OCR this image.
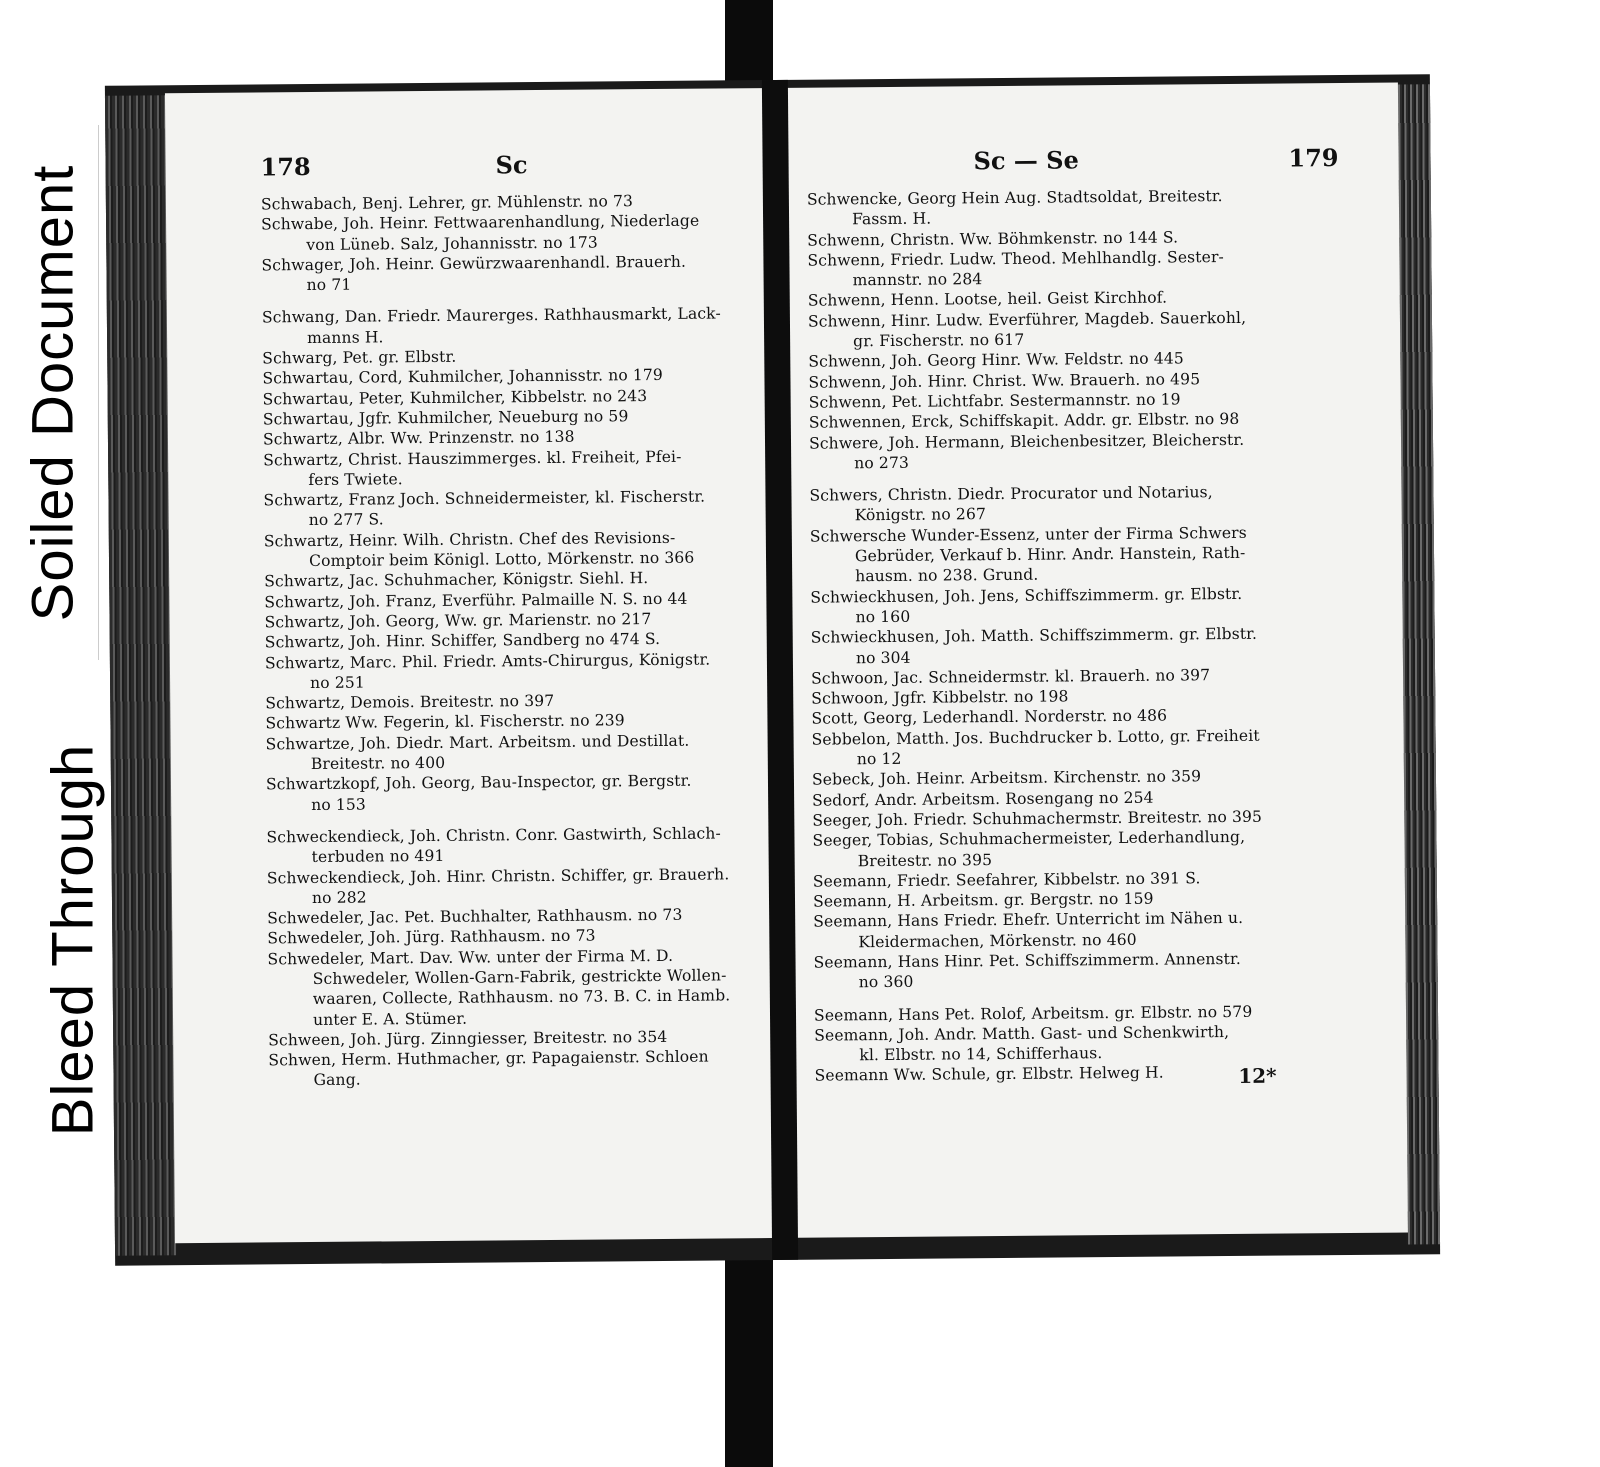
Soiled Document
Bleed Through
178	Sc
Schwabach, Benj. Lehrer, gr. Mühlenstr. no 73
Schwabe, Joh. Heinr. Fettwaarenhandlung, Niederlage
von Lüneb. Salz, Johannisstr. no 173
Schwager, Joh. Heinr. Gewürzwaarenhandl. Brauerh.
no 71
Schwang, Dan. Friedr. Maurerges. Rathhausmarkt, Lack-
manns H.
Schwarg, Pet. gr. Elbstr.
Schwartau, Cord, Kuhmilcher, Johannisstr. no 179
Schwartau, Peter, Kuhmilcher, Kibbelstr. no 243
Schwartau, Jgfr. Kuhmilcher, Neueburg no 59
Schwartz, Albr. Ww. Prinzenstr. no 138
Schwartz, Christ. Hauszimmerges. kl. Freiheit, Pfei-
fers Twiete.
Schwartz, Franz Joch. Schneidermeister, kl. Fischerstr.
no 277 S.
Schwartz, Heinr. Wilh. Christn. Chef des Revisions-
Comptoir beim Königl. Lotto, Mörkenstr. no 366
Schwartz, Jac. Schuhmacher, Königstr. Siehl. H.
Schwartz, Joh. Franz, Everführ. Palmaille N. S. no 44
Schwartz, Joh. Georg, Ww. gr. Marienstr. no 217
Schwartz, Joh. Hinr. Schiffer, Sandberg no 474 S.
Schwartz, Marc. Phil. Friedr. Amts-Chirurgus, Königstr.
no 251
Schwartz, Demois. Breitestr. no 397
Schwartz Ww. Fegerin, kl. Fischerstr. no 239
Schwartze, Joh. Diedr. Mart. Arbeitsm. und Destillat.
Breitestr. no 400
Schwartzkopf, Joh. Georg, Bau-Inspector, gr. Bergstr.
no 153
Schweckendieck, Joh. Christn. Conr. Gastwirth, Schlach-
terbuden no 491
Schweckendieck, Joh. Hinr. Christn. Schiffer, gr. Brauerh.
no 282
Schwedeler, Jac. Pet. Buchhalter, Rathhausm. no 73
Schwedeler, Joh. Jürg. Rathhausm. no 73
Schwedeler, Mart. Dav. Ww. unter der Firma M. D.
Schwedeler, Wollen-Garn-Fabrik, gestrickte Wollen-
waaren, Collecte, Rathhausm. no 73. B. C. in Hamb.
unter E. A. Stümer.
Schween, Joh. Jürg. Zinngiesser, Breitestr. no 354
Schwen, Herm. Huthmacher, gr. Papagaienstr. Schloen
Gang.
Sc — Se	179
Schwencke, Georg Hein Aug. Stadtsoldat, Breitestr.
Fassm. H.
Schwenn, Christn. Ww. Böhmkenstr. no 144 S.
Schwenn, Friedr. Ludw. Theod. Mehlhandlg. Sester-
mannstr. no 284
Schwenn, Henn. Lootse, heil. Geist Kirchhof.
Schwenn, Hinr. Ludw. Everführer, Magdeb. Sauerkohl,
gr. Fischerstr. no 617
Schwenn, Joh. Georg Hinr. Ww. Feldstr. no 445
Schwenn, Joh. Hinr. Christ. Ww. Brauerh. no 495
Schwenn, Pet. Lichtfabr. Sestermannstr. no 19
Schwennen, Erck, Schiffskapit. Addr. gr. Elbstr. no 98
Schwere, Joh. Hermann, Bleichenbesitzer, Bleicherstr.
no 273
Schwers, Christn. Diedr. Procurator und Notarius,
Königstr. no 267
Schwersche Wunder-Essenz, unter der Firma Schwers
Gebrüder, Verkauf b. Hinr. Andr. Hanstein, Rath-
hausm. no 238. Grund.
Schwieckhusen, Joh. Jens, Schiffszimmerm. gr. Elbstr.
no 160
Schwieckhusen, Joh. Matth. Schiffszimmerm. gr. Elbstr.
no 304
Schwoon, Jac. Schneidermstr. kl. Brauerh. no 397
Schwoon, Jgfr. Kibbelstr. no 198
Scott, Georg, Lederhandl. Norderstr. no 486
Sebbelon, Matth. Jos. Buchdrucker b. Lotto, gr. Freiheit
no 12
Sebeck, Joh. Heinr. Arbeitsm. Kirchenstr. no 359
Sedorf, Andr. Arbeitsm. Rosengang no 254
Seeger, Joh. Friedr. Schuhmachermstr. Breitestr. no 395
Seeger, Tobias, Schuhmachermeister, Lederhandlung,
Breitestr. no 395
Seemann, Friedr. Seefahrer, Kibbelstr. no 391 S.
Seemann, H. Arbeitsm. gr. Bergstr. no 159
Seemann, Hans Friedr. Ehefr. Unterricht im Nähen u.
Kleidermachen, Mörkenstr. no 460
Seemann, Hans Hinr. Pet. Schiffszimmerm. Annenstr.
no 360
Seemann, Hans Pet. Rolof, Arbeitsm. gr. Elbstr. no 579
Seemann, Joh. Andr. Matth. Gast- und Schenkwirth,
kl. Elbstr. no 14, Schifferhaus.
Seemann Ww. Schule, gr. Elbstr. Helweg H.	12*
